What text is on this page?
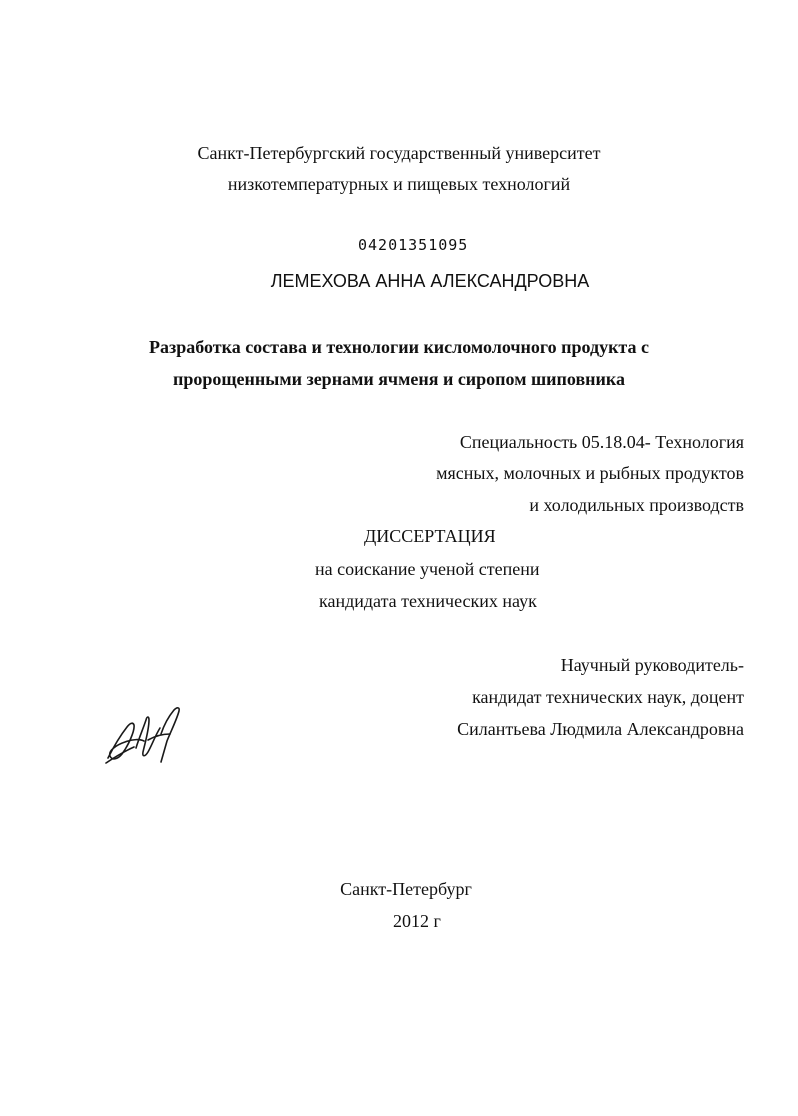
Санкт-Петербургский государственный университет
низкотемпературных и пищевых технологий
04201351095
ЛЕМЕХОВА АННА АЛЕКСАНДРОВНА
Разработка состава и технологии кисломолочного продукта с
пророщенными зернами ячменя и сиропом шиповника
Специальность 05.18.04- Технология
мясных, молочных и рыбных продуктов
и холодильных производств
ДИССЕРТАЦИЯ
на соискание ученой степени
кандидата технических наук
Научный руководитель-
кандидат технических наук, доцент
Силантьева Людмила Александровна
Санкт-Петербург
2012 г
